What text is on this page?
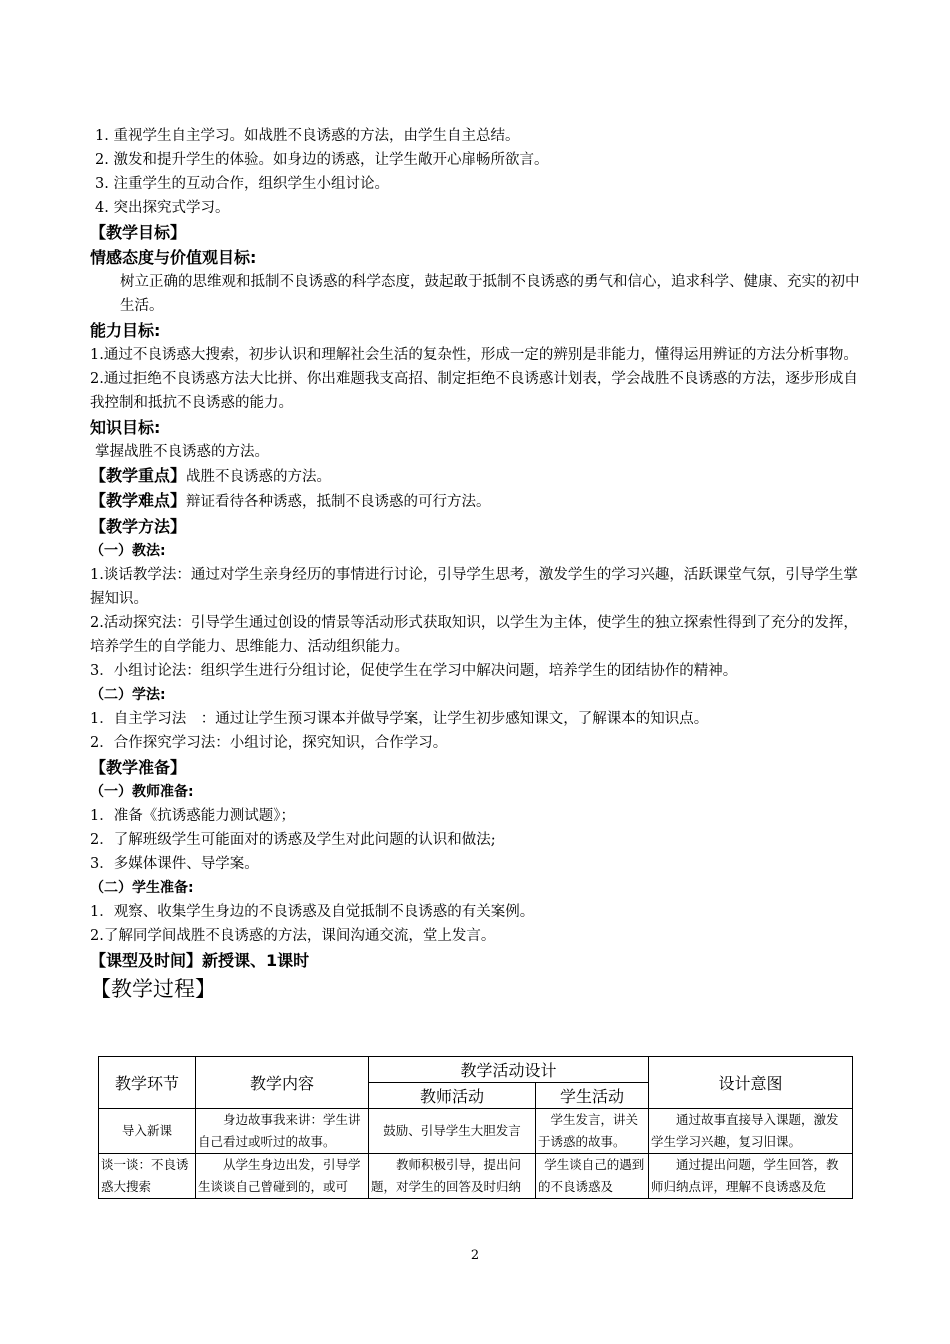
1. 重视学生自主学习。如战胜不良诱惑的方法，由学生自主总结。

2. 激发和提升学生的体验。如身边的诱惑，让学生敞开心扉畅所欲言。

3. 注重学生的互动合作，组织学生小组讨论。

4. 突出探究式学习。

【教学目标】

情感态度与价值观目标:

树立正确的思维观和抵制不良诱惑的科学态度，鼓起敢于抵制不良诱惑的勇气和信心，追求科学、健康、充实的初中生活。

能力目标:

1.通过不良诱惑大搜索，初步认识和理解社会生活的复杂性，形成一定的辨别是非能力，懂得运用辨证的方法分析事物。

2.通过拒绝不良诱惑方法大比拼、你出难题我支高招、制定拒绝不良诱惑计划表，学会战胜不良诱惑的方法，逐步形成自我控制和抵抗不良诱惑的能力。

知识目标:

掌握战胜不良诱惑的方法。

【教学重点】战胜不良诱惑的方法。

【教学难点】辩证看待各种诱惑，抵制不良诱惑的可行方法。

【教学方法】

（一）教法:

1.谈话教学法：通过对学生亲身经历的事情进行讨论，引导学生思考，激发学生的学习兴趣，活跃课堂气氛，引导学生掌握知识。

2.活动探究法：引导学生通过创设的情景等活动形式获取知识，以学生为主体，使学生的独立探索性得到了充分的发挥，培养学生的自学能力、思维能力、活动组织能力。

3．小组讨论法：组织学生进行分组讨论，促使学生在学习中解决问题，培养学生的团结协作的精神。

（二）学法:

1．自主学习法　：通过让学生预习课本并做导学案，让学生初步感知课文，了解课本的知识点。

2．合作探究学习法：小组讨论，探究知识，合作学习。

【教学准备】

（一）教师准备:

1．准备《抗诱惑能力测试题》；

2．了解班级学生可能面对的诱惑及学生对此问题的认识和做法;

3．多媒体课件、导学案。

（二）学生准备:

1．观察、收集学生身边的不良诱惑及自觉抵制不良诱惑的有关案例。

2.了解同学间战胜不良诱惑的方法，课间沟通交流，堂上发言。

【课型及时间】新授课、1课时

【教学过程】

教学环节	教学内容	教学活动设计		设计意图
		教师活动	学生活动	

导入新课	身边故事我来讲：学生讲自己看过或听过的故事。	鼓励、引导学生大胆发言	学生发言，讲关于诱惑的故事。	通过故事直接导入课题，激发学生学习兴趣，复习旧课。

谈一谈：不良诱惑大搜索	从学生身边出发，引导学生谈谈自己曾碰到的，或可	教师积极引导，提出问题，对学生的回答及时归纳	学生谈自己的遇到的不良诱惑及	通过提出问题，学生回答，教师归纳点评，理解不良诱惑及危
2
